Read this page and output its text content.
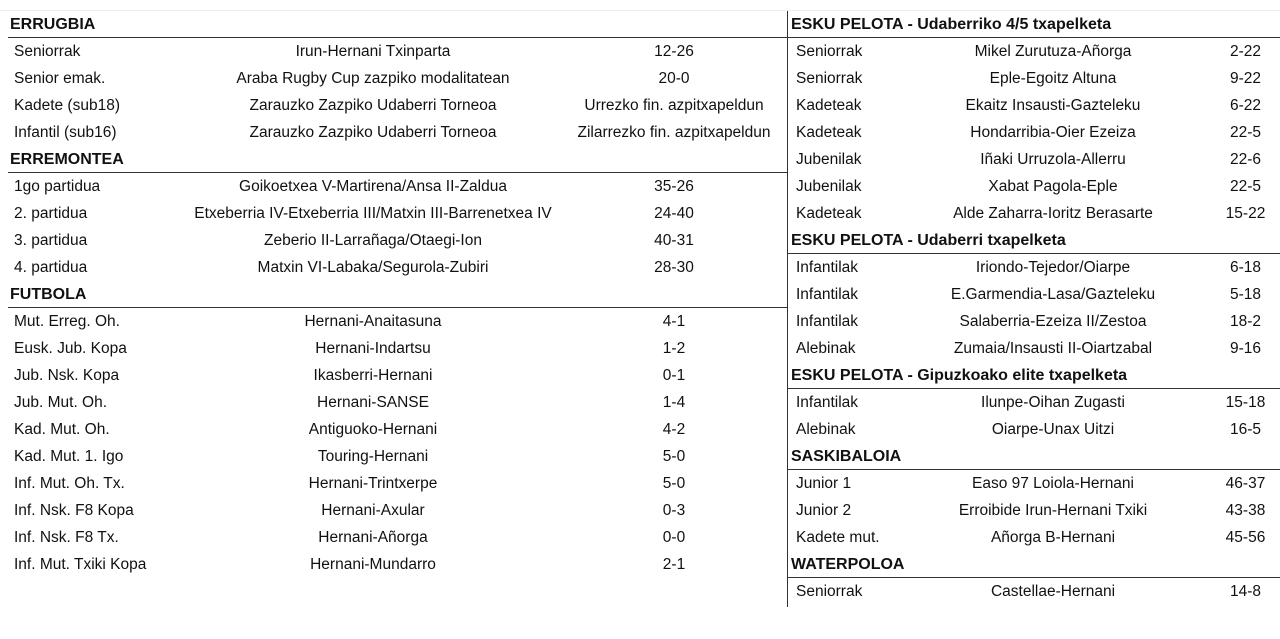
ERRUGBIA
Seniorrak	Irun-Hernani Txinparta	12-26
Senior emak.	Araba Rugby Cup zazpiko modalitatean	20-0
Kadete (sub18)	Zarauzko Zazpiko Udaberri Torneoa	Urrezko fin. azpitxapeldun
Infantil (sub16)	Zarauzko Zazpiko Udaberri Torneoa	Zilarrezko fin. azpitxapeldun
ERREMONTEA
1go partidua	Goikoetxea V-Martirena/Ansa II-Zaldua	35-26
2. partidua	Etxeberria IV-Etxeberria III/Matxin III-Barrenetxea IV	24-40
3. partidua	Zeberio II-Larrañaga/Otaegi-Ion	40-31
4. partidua	Matxin VI-Labaka/Segurola-Zubiri	28-30
FUTBOLA
Mut. Erreg. Oh.	Hernani-Anaitasuna	4-1
Eusk. Jub. Kopa	Hernani-Indartsu	1-2
Jub. Nsk. Kopa	Ikasberri-Hernani	0-1
Jub. Mut. Oh.	Hernani-SANSE	1-4
Kad. Mut. Oh.	Antiguoko-Hernani	4-2
Kad. Mut. 1. Igo	Touring-Hernani	5-0
Inf. Mut. Oh. Tx.	Hernani-Trintxerpe	5-0
Inf. Nsk. F8 Kopa	Hernani-Axular	0-3
Inf. Nsk. F8 Tx.	Hernani-Añorga	0-0
Inf. Mut. Txiki Kopa	Hernani-Mundarro	2-1
ESKU PELOTA - Udaberriko 4/5 txapelketa
Seniorrak	Mikel Zurutuza-Añorga	2-22
Seniorrak	Eple-Egoitz Altuna	9-22
Kadeteak	Ekaitz Insausti-Gazteleku	6-22
Kadeteak	Hondarribia-Oier Ezeiza	22-5
Jubenilak	Iñaki Urruzola-Allerru	22-6
Jubenilak	Xabat Pagola-Eple	22-5
Kadeteak	Alde Zaharra-Ioritz Berasarte	15-22
ESKU PELOTA - Udaberri txapelketa
Infantilak	Iriondo-Tejedor/Oiarpe	6-18
Infantilak	E.Garmendia-Lasa/Gazteleku	5-18
Infantilak	Salaberria-Ezeiza II/Zestoa	18-2
Alebinak	Zumaia/Insausti II-Oiartzabal	9-16
ESKU PELOTA - Gipuzkoako elite txapelketa
Infantilak	Ilunpe-Oihan Zugasti	15-18
Alebinak	Oiarpe-Unax Uitzi	16-5
SASKIBALOIA
Junior 1	Easo 97 Loiola-Hernani	46-37
Junior 2	Erroibide Irun-Hernani Txiki	43-38
Kadete mut.	Añorga B-Hernani	45-56
WATERPOLOA
Seniorrak	Castellae-Hernani	14-8
